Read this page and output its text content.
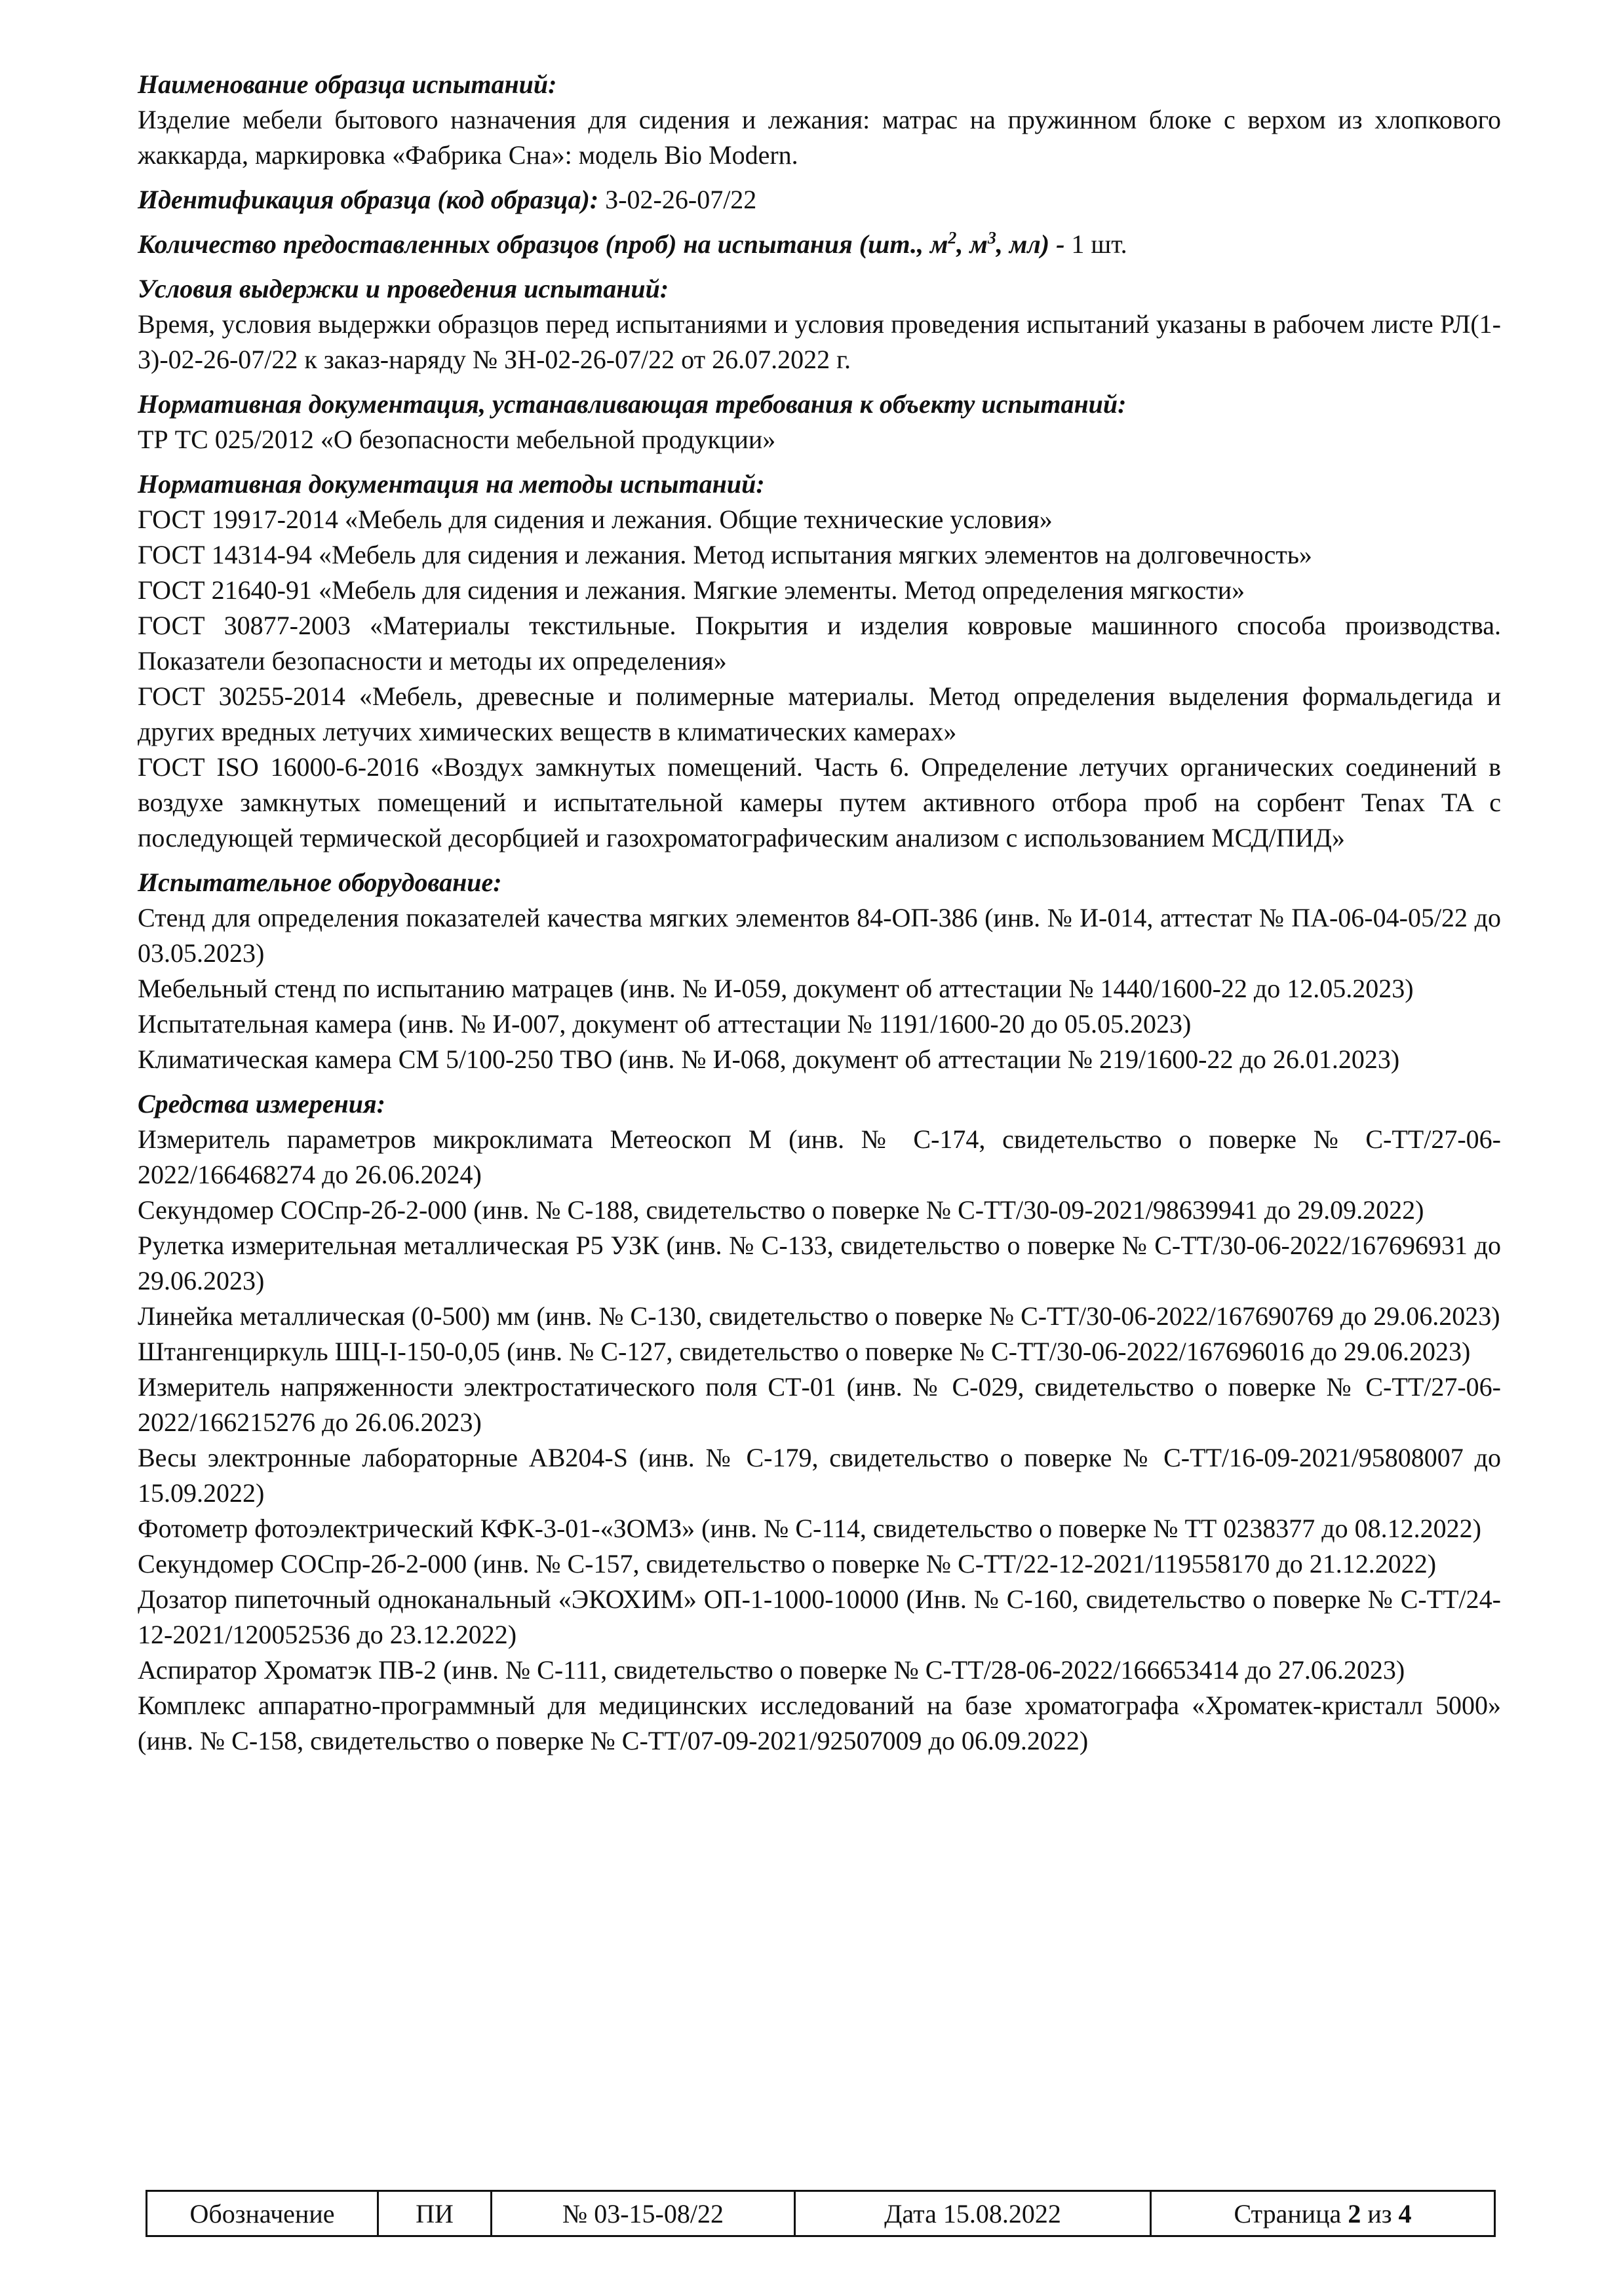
Наименование образца испытаний:
Изделие мебели бытового назначения для сидения и лежания: матрас на пружинном блоке с верхом из хлопкового жаккарда, маркировка «Фабрика Сна»: модель Bio Modern.
Идентификация образца (код образца): З-02-26-07/22
Количество предоставленных образцов (проб) на испытания (шт., $м^2$, $м^3$, мл) - 1 шт.
Условия выдержки и проведения испытаний:
Время, условия выдержки образцов перед испытаниями и условия проведения испытаний указаны в рабочем листе РЛ(1-3)-02-26-07/22 к заказ-наряду № ЗН-02-26-07/22 от 26.07.2022 г.
Нормативная документация, устанавливающая требования к объекту испытаний:
ТР ТС 025/2012 «О безопасности мебельной продукции»
Нормативная документация на методы испытаний:
ГОСТ 19917-2014 «Мебель для сидения и лежания. Общие технические условия»
ГОСТ 14314-94 «Мебель для сидения и лежания. Метод испытания мягких элементов на долговечность»
ГОСТ 21640-91 «Мебель для сидения и лежания. Мягкие элементы. Метод определения мягкости»
ГОСТ 30877-2003 «Материалы текстильные. Покрытия и изделия ковровые машинного способа производства. Показатели безопасности и методы их определения»
ГОСТ 30255-2014 «Мебель, древесные и полимерные материалы. Метод определения выделения формальдегида и других вредных летучих химических веществ в климатических камерах»
ГОСТ ISO 16000-6-2016 «Воздух замкнутых помещений. Часть 6. Определение летучих органических соединений в воздухе замкнутых помещений и испытательной камеры путем активного отбора проб на сорбент Tenax TA с последующей термической десорбцией и газохроматографическим анализом с использованием МСД/ПИД»
Испытательное оборудование:
Стенд для определения показателей качества мягких элементов 84-ОП-386 (инв. № И-014, аттестат № ПА-06-04-05/22 до 03.05.2023)
Мебельный стенд по испытанию матрацев (инв. № И-059, документ об аттестации № 1440/1600-22 до 12.05.2023)
Испытательная камера (инв. № И-007, документ об аттестации № 1191/1600-20 до 05.05.2023)
Климатическая камера CM 5/100-250 ТВО (инв. № И-068, документ об аттестации № 219/1600-22 до 26.01.2023)
Средства измерения:
Измеритель параметров микроклимата Метеоскоп М (инв. № С-174, свидетельство о поверке № С-ТТ/27-06-2022/166468274 до 26.06.2024)
Секундомер СОСпр-2б-2-000 (инв. № С-188, свидетельство о поверке № С-ТТ/30-09-2021/98639941 до 29.09.2022)
Рулетка измерительная металлическая Р5 УЗК (инв. № С-133, свидетельство о поверке № С-ТТ/30-06-2022/167696931 до 29.06.2023)
Линейка металлическая (0-500) мм (инв. № С-130, свидетельство о поверке № С-ТТ/30-06-2022/167690769 до 29.06.2023)
Штангенциркуль ШЦ-I-150-0,05 (инв. № С-127, свидетельство о поверке № С-ТТ/30-06-2022/167696016 до 29.06.2023)
Измеритель напряженности электростатического поля СТ-01 (инв. № С-029, свидетельство о поверке № С-ТТ/27-06-2022/166215276 до 26.06.2023)
Весы электронные лабораторные AB204-S (инв. № С-179, свидетельство о поверке № С-ТТ/16-09-2021/95808007 до 15.09.2022)
Фотометр фотоэлектрический КФК-3-01-«ЗОМЗ» (инв. № С-114, свидетельство о поверке № ТТ 0238377 до 08.12.2022)
Секундомер СОСпр-2б-2-000 (инв. № С-157, свидетельство о поверке № С-ТТ/22-12-2021/119558170 до 21.12.2022)
Дозатор пипеточный одноканальный «ЭКОХИМ» ОП-1-1000-10000 (Инв. № С-160, свидетельство о поверке № С-ТТ/24-12-2021/120052536 до 23.12.2022)
Аспиратор Хроматэк ПВ-2 (инв. № С-111, свидетельство о поверке № С-ТТ/28-06-2022/166653414 до 27.06.2023)
Комплекс аппаратно-программный для медицинских исследований на базе хроматографа «Хроматек-кристалл 5000» (инв. № С-158, свидетельство о поверке № С-ТТ/07-09-2021/92507009 до 06.09.2022)
Обозначение	ПИ	№ 03-15-08/22	Дата 15.08.2022	Страница 2 из 4
